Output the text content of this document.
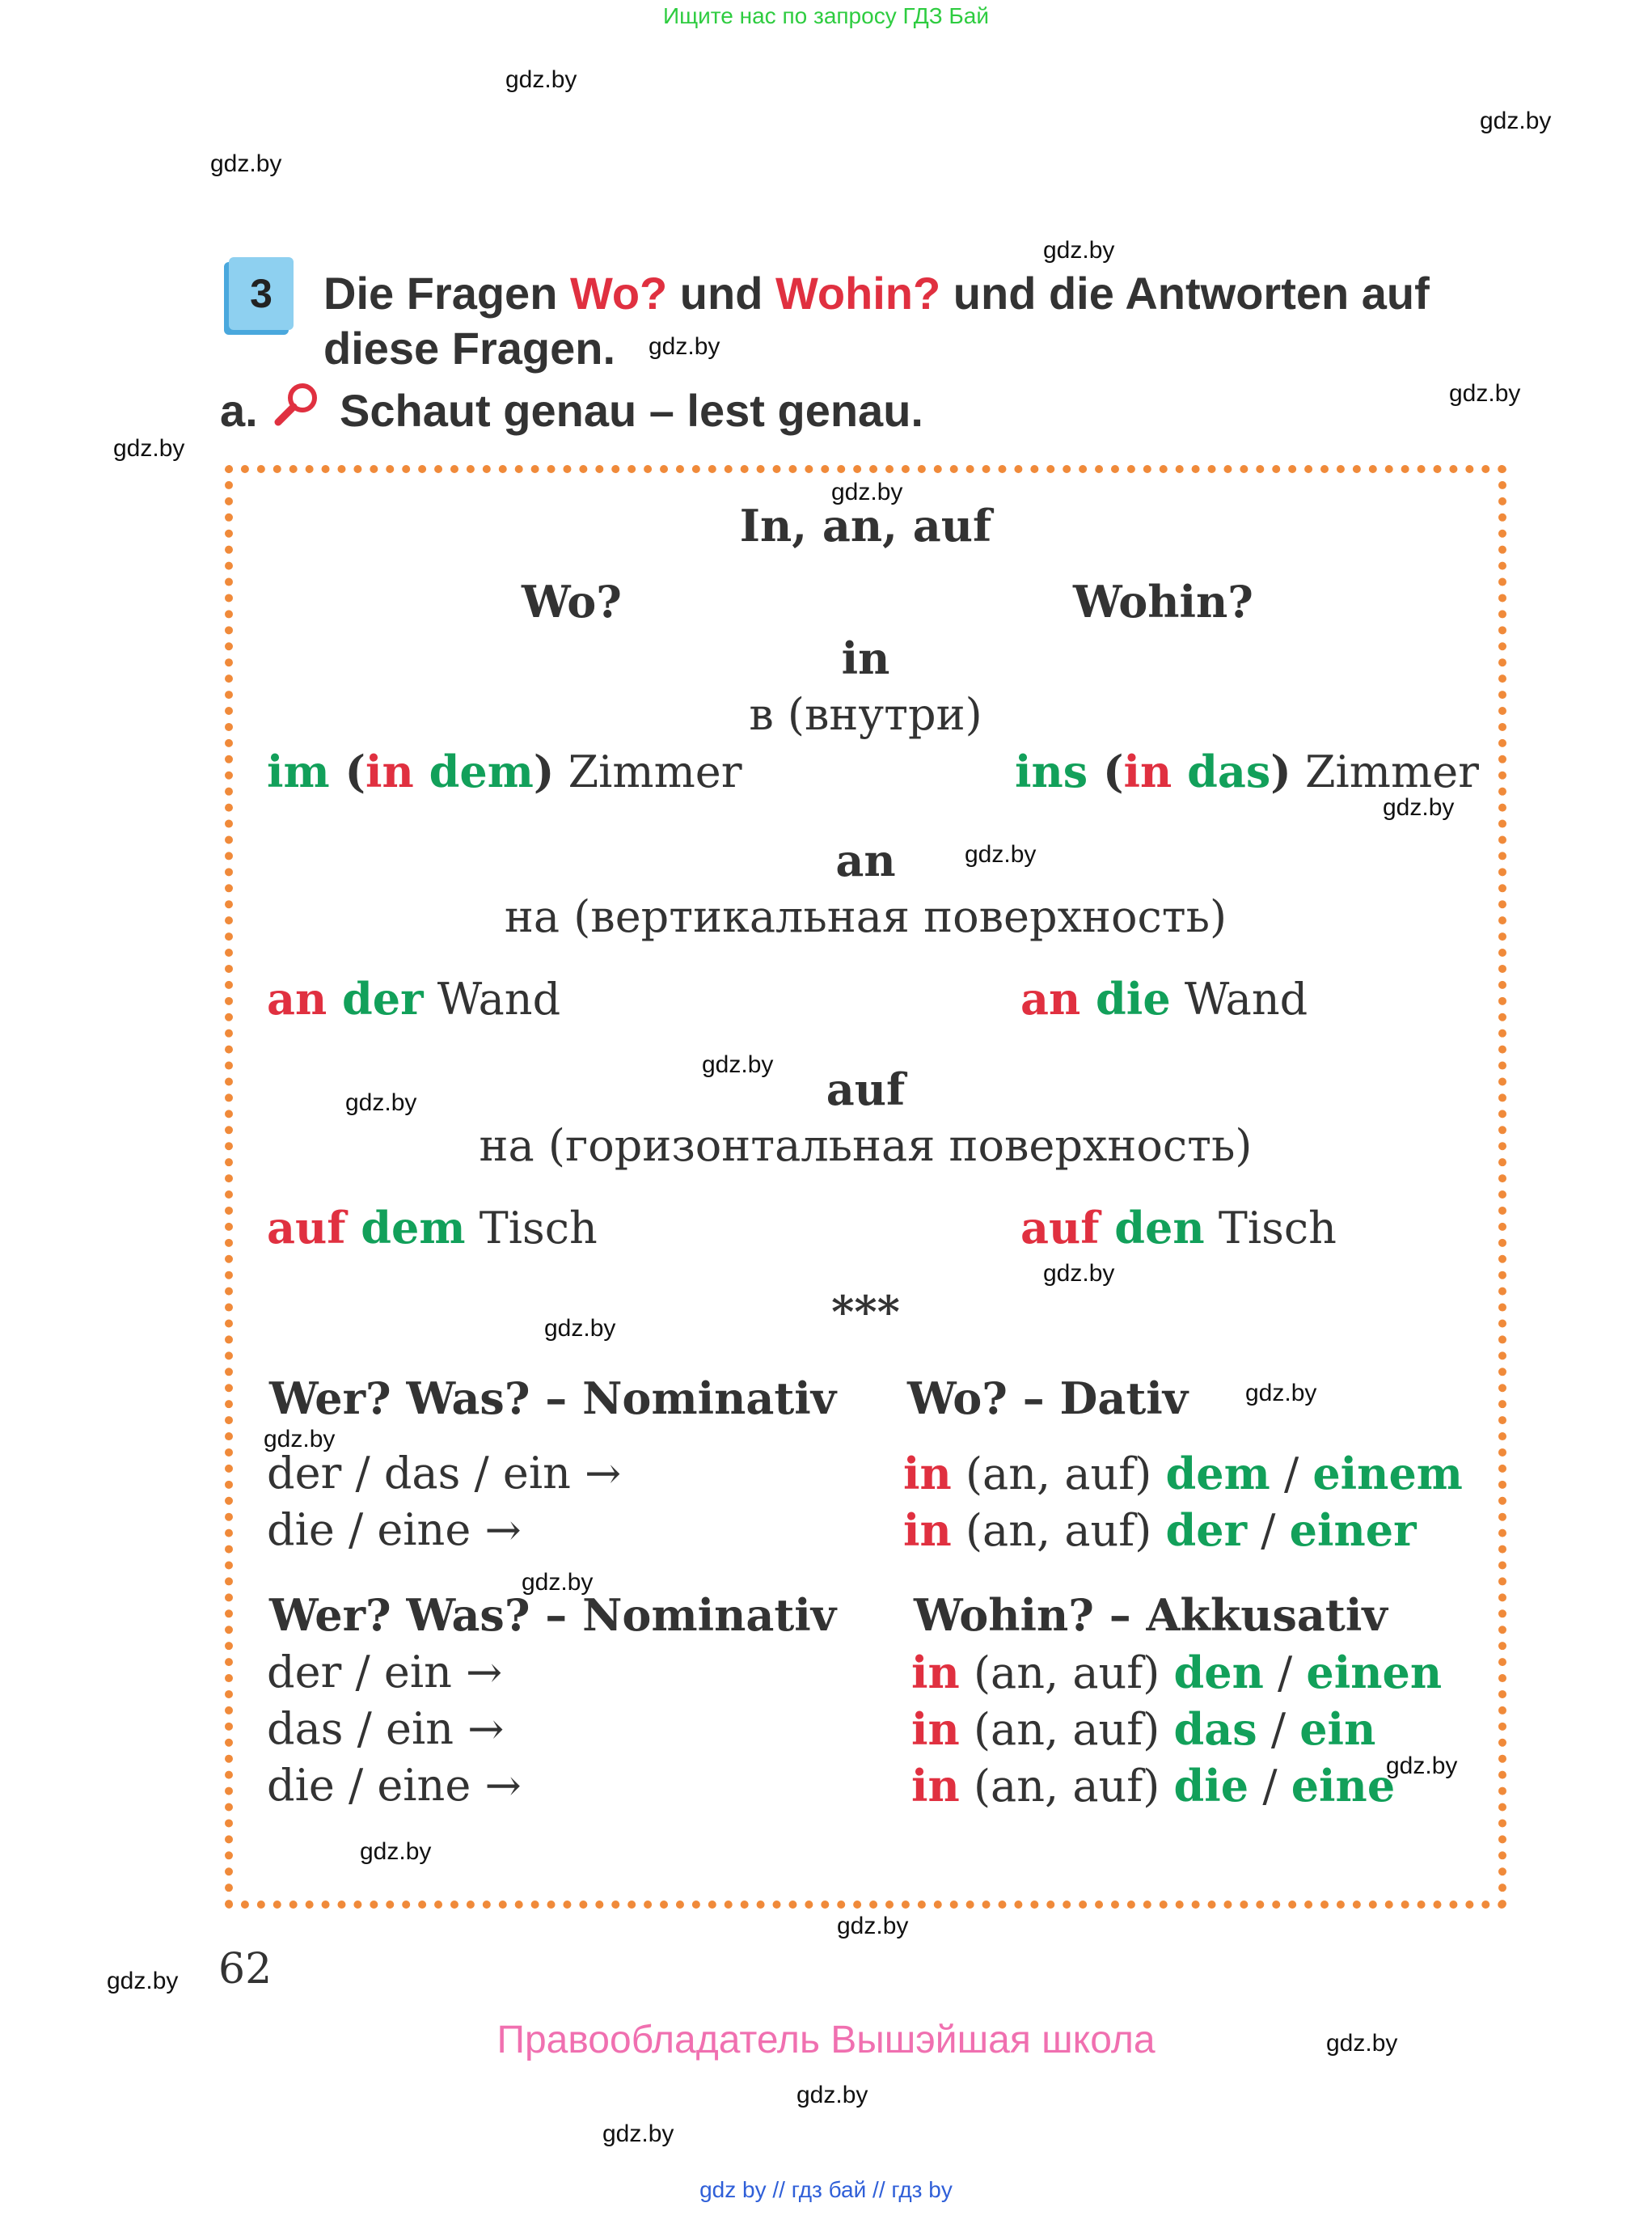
Ищите нас по запросу ГДЗ Бай
gdz.by
gdz.by
gdz.by
gdz.by
gdz.by
gdz.by
gdz.by
gdz.by
gdz.by
gdz.by
gdz.by
gdz.by
gdz.by
gdz.by
gdz.by
gdz.by
gdz.by
gdz.by
gdz.by
gdz.by
gdz.by
gdz.by
gdz.by
gdz.by
3	Die Fragen Wo? und Wohin? und die Antworten auf
diese Fragen.
a. Schaut genau – lest genau.
In, an, auf
Wo?	Wohin?
in
в (внутри)
im (in dem) Zimmer	ins (in das) Zimmer
an
на (вертикальная поверхность)
an der Wand	an die Wand
auf
на (горизонтальная поверхность)
auf dem Tisch	auf den Tisch
***
Wer? Was? – Nominativ Wo? – Dativ
der / das / ein →	in (an, auf) dem / einem
die / eine →	in (an, auf) der / einer
Wer? Was? – Nominativ Wohin? – Akkusativ
der / ein →	in (an, auf) den / einen
das / ein →	in (an, auf) das / ein
die / eine →	in (an, auf) die / eine
62
Правообладатель Вышэйшая школа
gdz by // гдз бай // гдз by
